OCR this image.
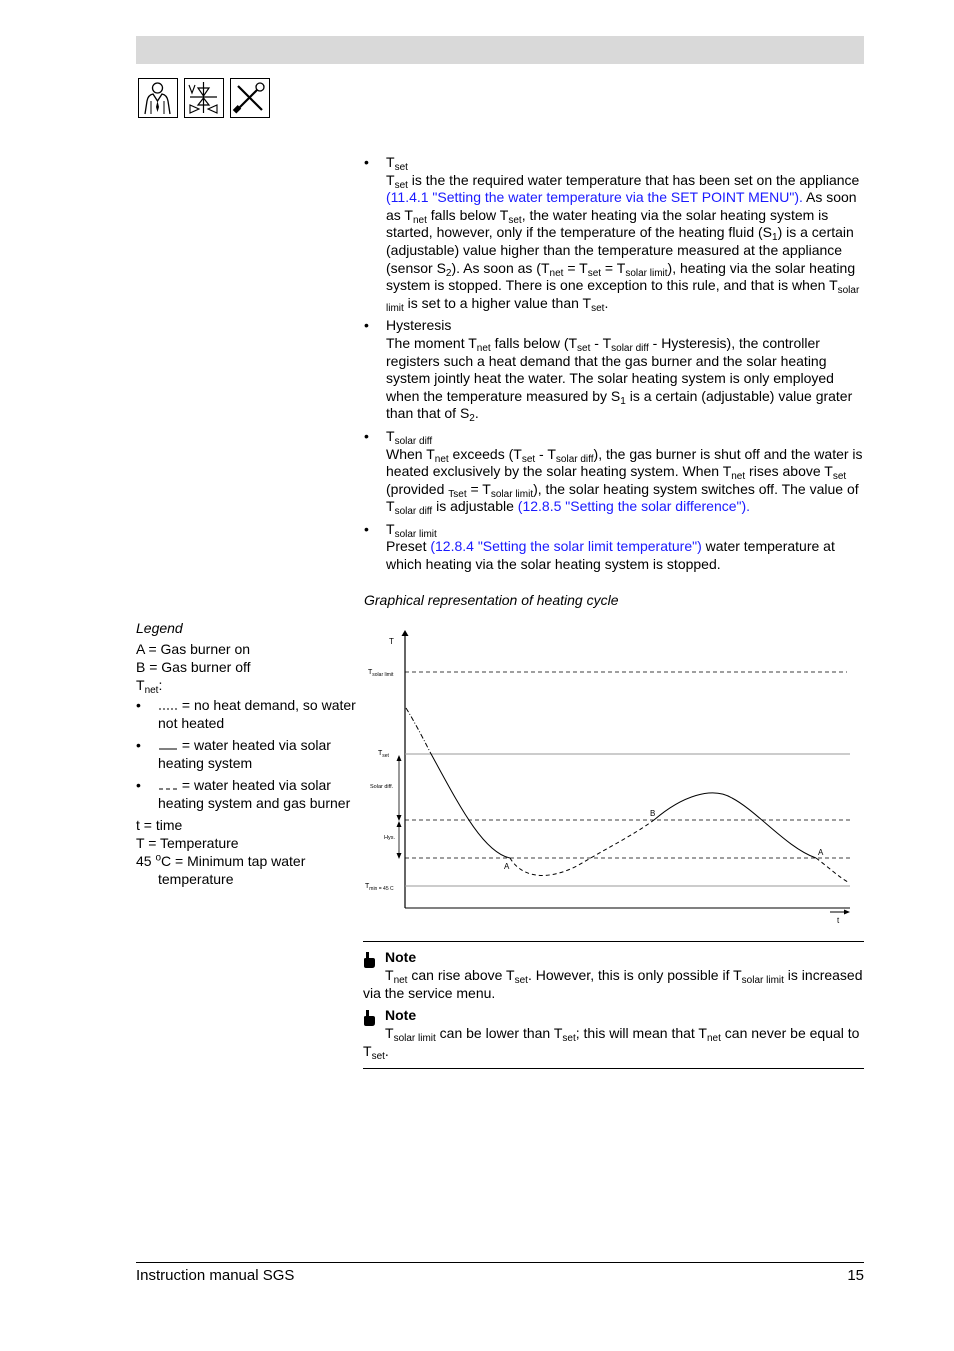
• $T_{set}$
$T_{set}$ is the the required water temperature that has been set on the appliance (11.4.1 "Setting the water temperature via the SET POINT MENU"). As soon as $T_{net}$ falls below $T_{set}$, the water heating via the solar heating system is started, however, only if the temperature of the heating fluid $(S_1)$ is a certain (adjustable) value higher than the temperature measured at the appliance (sensor $S_2$). As soon as $(T_{net} = T_{set} = T_{solar limit})$, heating via the solar heating system is stopped. There is one exception to this rule, and that is when $T_{solar limit}$ is set to a higher value than $T_{set}$.
• Hysteresis
The moment $T_{net}$ falls below ($T_{set} - T_{solar diff}$ - Hysteresis), the controller registers such a heat demand that the gas burner and the solar heating system jointly heat the water. The solar heating system is only employed when the temperature measured by $S_1$ is a certain (adjustable) value grater than that of $S_2$.
• $T_{solar diff}$
When $T_{net}$ exceeds $(T_{set} - T_{solar diff})$, the gas burner is shut off and the water is heated exclusively by the solar heating system. When $T_{net}$ rises above $T_{set}$ (provided $_{Tset} = T_{solar limit}$), the solar heating system switches off. The value of $T_{solar diff}$ is adjustable (12.8.5 "Setting the solar difference").
• $T_{solar limit}$
Preset (12.8.4 "Setting the solar limit temperature") water temperature at which heating via the solar heating system is stopped.
Graphical representation of heating cycle
Legend
A = Gas burner on
B = Gas burner off
$T_{net}$:
•	= no heat demand, so water not heated
•	= water heated via solar heating system
•	= water heated via solar heating system and gas burner
t = time
T = Temperature
45 $^o$C = Minimum tap water temperature
T
t
$T_{solar limit}$
$T_{set}$
$T_{min = 45 C}$
Solar diff.
Hys.
A
B
A
Note
$T_{net}$ can rise above $T_{set}$. However, this is only possible if $T_{solar limit}$ is increased via the service menu.
Note
$T_{solar limit}$ can be lower than $T_{set}$; this will mean that $T_{net}$ can never be equal to $T_{set}$.
Instruction manual SGS	15
